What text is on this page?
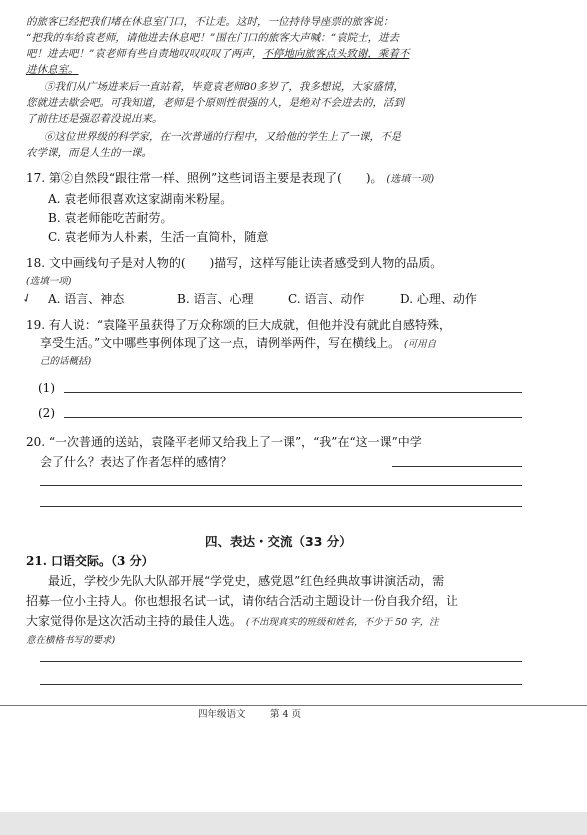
的旅客已经把我们堵在休息室门口，不让走。这时，一位持待导座票的旅客说：
“把我的车给袁老师，请他进去休息吧！”围在门口的旅客大声喊：“袁院士，进去
吧！进去吧！”袁老师有些自责地叹叹叹叹了两声，不停地向旅客点头致谢，乘着不
进休息室。
⑤我们从广场进来后一直站着，毕竟袁老师80多岁了，我多想说，大家盛情，
您就进去歇会吧。可我知道，老师是个原则性很强的人，是绝对不会进去的，活到
了前往还是强忍着没说出来。
⑥这位世界级的科学家，在一次普通的行程中，又给他的学生上了一课，不是
农学课，而是人生的一课。
17. 第②自然段“跟往常一样、照例”这些词语主要是表现了(　　)。 (选填一项)
A. 袁老师很喜欢这家湖南米粉屋。
B. 袁老师能吃苦耐劳。
C. 袁老师为人朴素，生活一直简朴，随意
18. 文中画线句子是对人物的(　　)描写，这样写能让读者感受到人物的品质。
(选填一项)
✓ A. 语言、神态	B. 语言、心理	C. 语言、动作	D. 心理、动作
19. 有人说：“袁隆平虽获得了万众称颂的巨大成就，但他并没有就此自感特殊，
享受生活。”文中哪些事例体现了这一点，请例举两件，写在横线上。 (可用自
己的话概括)
(1)
(2)
20. “一次普通的送站，袁隆平老师又给我上了一课”，“我”在“这一课”中学
会了什么？表达了作者怎样的感情？
四、表达・交流（33 分）
21. 口语交际。（3 分）
最近，学校少先队大队部开展“学党史，感党恩”红色经典故事讲演活动，需
招募一位小主持人。你也想报名试一试，请你结合活动主题设计一份自我介绍，让
大家觉得你是这次活动主持的最佳人选。 (不出现真实的班级和姓名，不少于 50 字，注
意在横格书写的要求)
四年级语文	第 4 页
